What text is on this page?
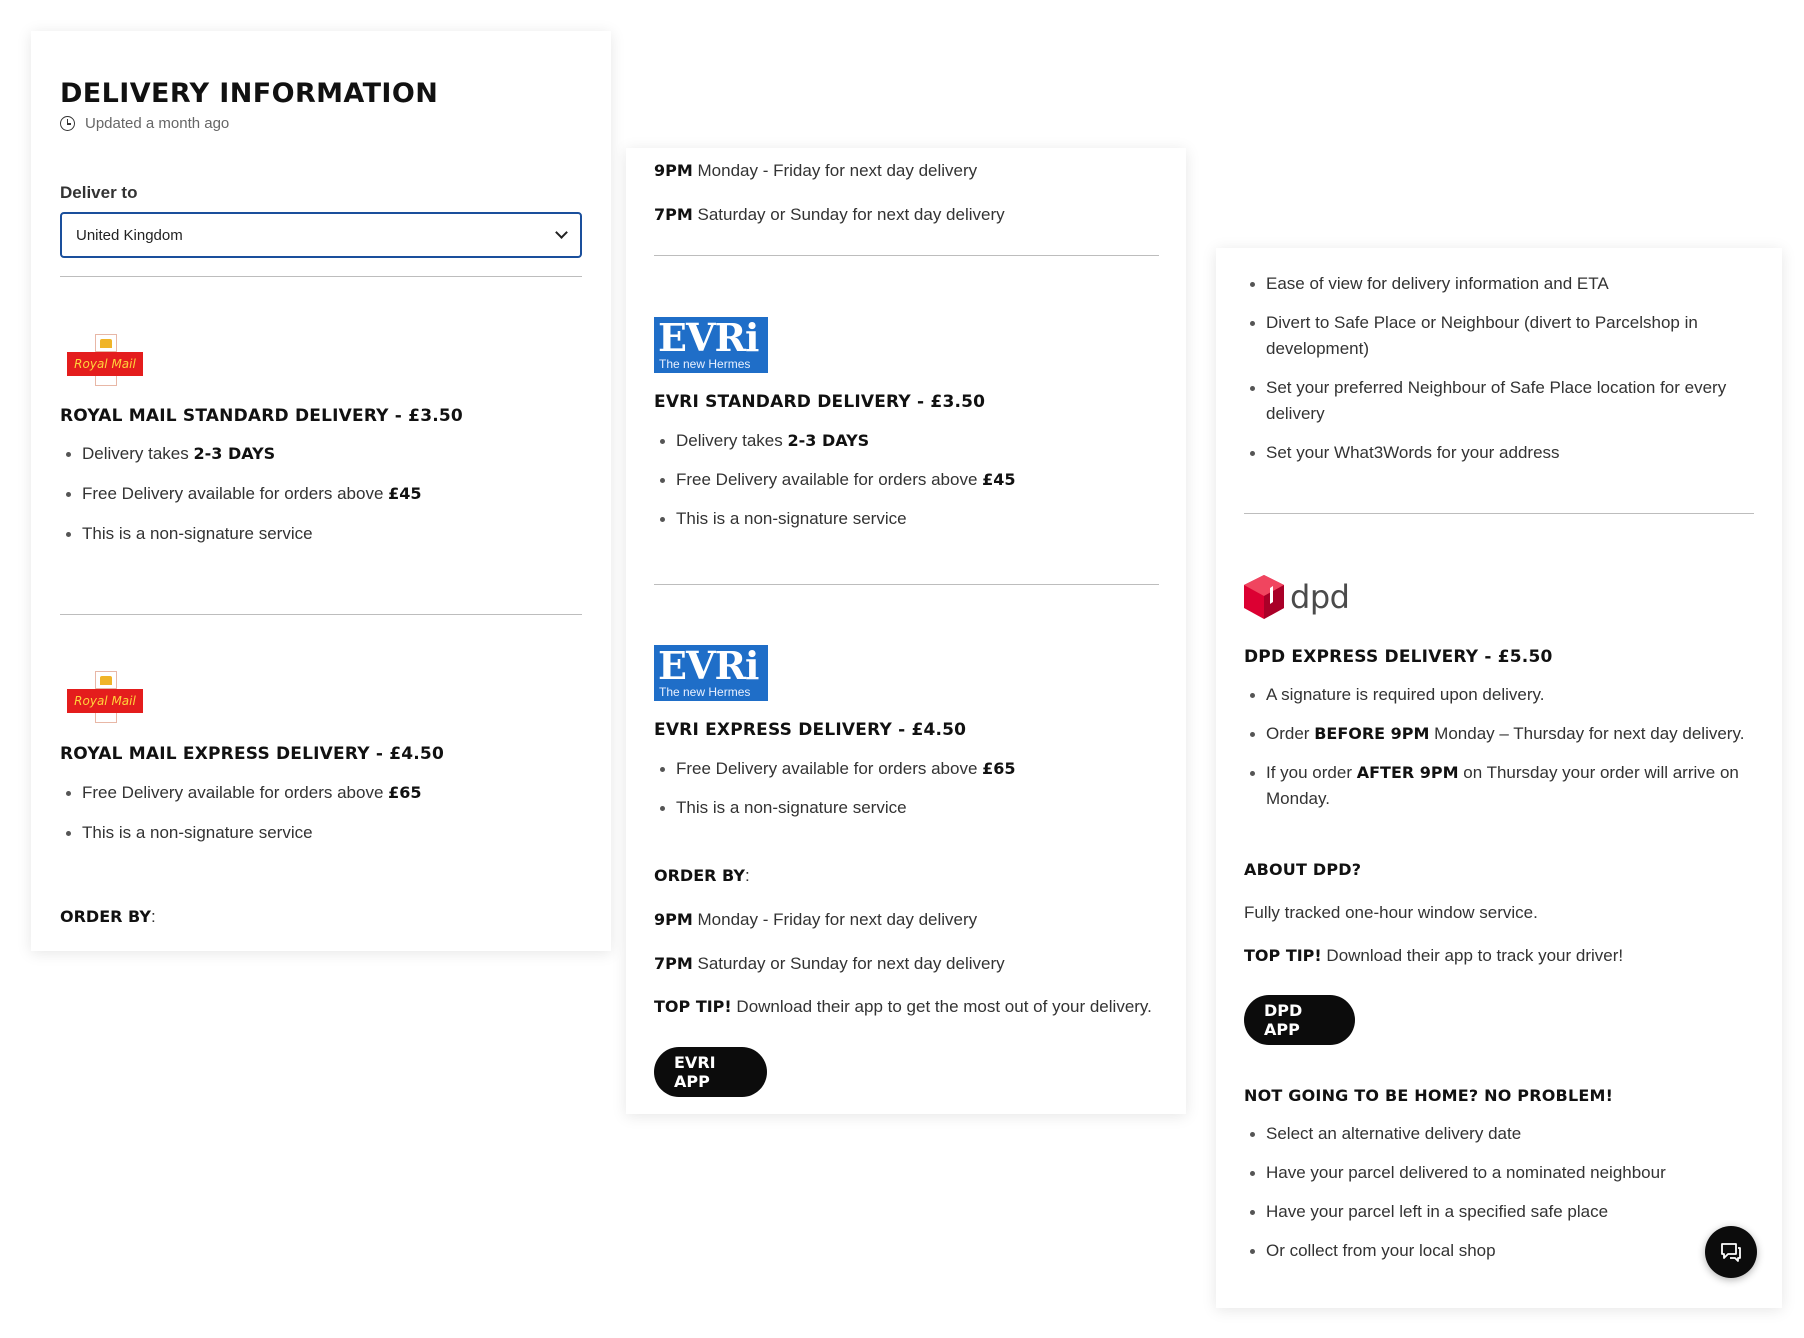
DELIVERY INFORMATION
Updated a month ago
Deliver to
United Kingdom
Royal Mail
ROYAL MAIL STANDARD DELIVERY - £3.50
Delivery takes 2-3 DAYS
Free Delivery available for orders above £45
This is a non-signature service
Royal Mail
ROYAL MAIL EXPRESS DELIVERY - £4.50
Free Delivery available for orders above £65
This is a non-signature service
ORDER BY:
9PM Monday - Friday for next day delivery
7PM Saturday or Sunday for next day delivery
EVRi
The new Hermes
EVRI STANDARD DELIVERY - £3.50
Delivery takes 2-3 DAYS
Free Delivery available for orders above £45
This is a non-signature service
EVRi
The new Hermes
EVRI EXPRESS DELIVERY - £4.50
Free Delivery available for orders above £65
This is a non-signature service
ORDER BY:
9PM Monday - Friday for next day delivery
7PM Saturday or Sunday for next day delivery
TOP TIP! Download their app to get the most out of your delivery.
EVRI APP
Ease of view for delivery information and ETA
Divert to Safe Place or Neighbour (divert to Parcelshop in development)
Set your preferred Neighbour of Safe Place location for every delivery
Set your What3Words for your address
dpd
DPD EXPRESS DELIVERY - £5.50
A signature is required upon delivery.
Order BEFORE 9PM Monday – Thursday for next day delivery.
If you order AFTER 9PM on Thursday your order will arrive on Monday.
ABOUT DPD?
Fully tracked one-hour window service.
TOP TIP! Download their app to track your driver!
DPD APP
NOT GOING TO BE HOME? NO PROBLEM!
Select an alternative delivery date
Have your parcel delivered to a nominated neighbour
Have your parcel left in a specified safe place
Or collect from your local shop
